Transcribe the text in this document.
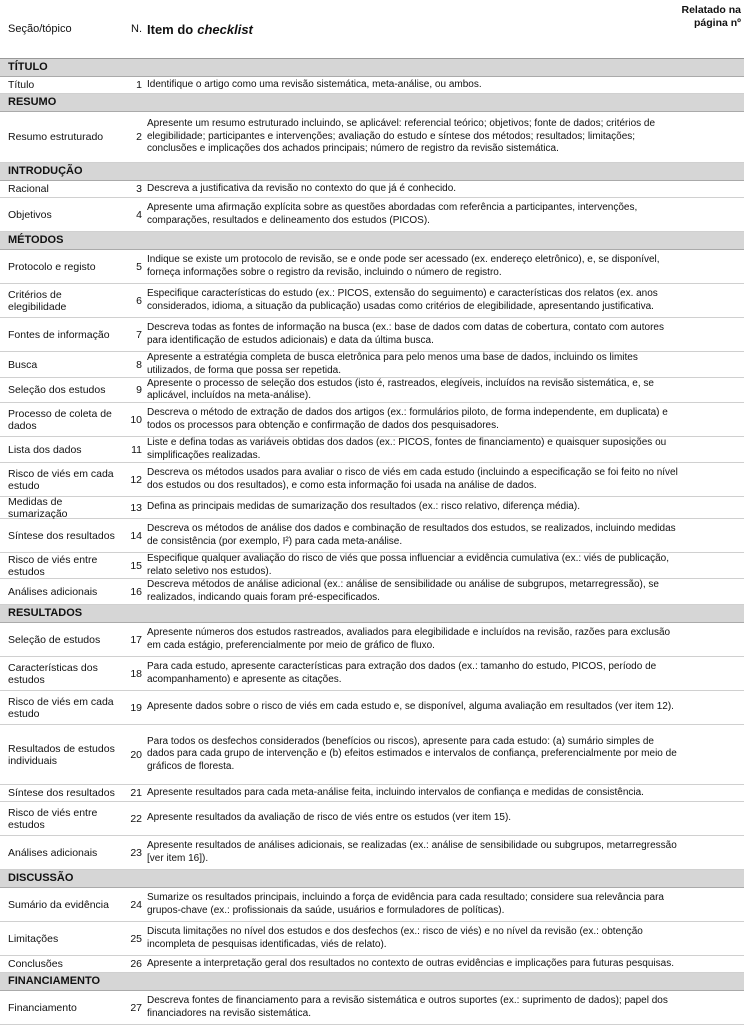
Seção/tópico	N. Item do checklist
Relatado na página nº
TÍTULO
Título	1 Identifique o artigo como uma revisão sistemática, meta-análise, ou ambos.
RESUMO
Resumo estruturado	2
Apresente um resumo estruturado incluindo, se aplicável: referencial teórico; objetivos; fonte de dados; critérios de elegibilidade; participantes e intervenções; avaliação do estudo e síntese dos métodos; resultados; limitações; conclusões e implicações dos achados principais; número de registro da revisão sistemática.
INTRODUÇÃO
Racional	3 Descreva a justificativa da revisão no contexto do que já é conhecido.
Objetivos	4
Apresente uma afirmação explícita sobre as questões abordadas com referência a participantes, intervenções, comparações, resultados e delineamento dos estudos (PICOS).
MÉTODOS
Protocolo e registo	5
Indique se existe um protocolo de revisão, se e onde pode ser acessado (ex. endereço eletrônico), e, se disponível, forneça informações sobre o registro da revisão, incluindo o número de registro.
Critérios de elegibilidade	6
Especifique características do estudo (ex.: PICOS, extensão do seguimento) e características dos relatos (ex. anos considerados, idioma, a situação da publicação) usadas como critérios de elegibilidade, apresentando justificativa.
Fontes de informação	7
Descreva todas as fontes de informação na busca (ex.: base de dados com datas de cobertura, contato com autores para identificação de estudos adicionais) e data da última busca.
Busca	8
Apresente a estratégia completa de busca eletrônica para pelo menos uma base de dados, incluindo os limites utilizados, de forma que possa ser repetida.
Seleção dos estudos	9
Apresente o processo de seleção dos estudos (isto é, rastreados, elegíveis, incluídos na revisão sistemática, e, se aplicável, incluídos na meta-análise).
Processo de coleta de dados	10
Descreva o método de extração de dados dos artigos (ex.: formulários piloto, de forma independente, em duplicata) e todos os processos para obtenção e confirmação de dados dos pesquisadores.
Lista dos dados	11
Liste e defina todas as variáveis obtidas dos dados (ex.: PICOS, fontes de financiamento) e quaisquer suposições ou simplificações realizadas.
Risco de viés em cada estudo	12
Descreva os métodos usados para avaliar o risco de viés em cada estudo (incluindo a especificação se foi feito no nível dos estudos ou dos resultados), e como esta informação foi usada na análise de dados.
Medidas de sumarização	13 Defina as principais medidas de sumarização dos resultados (ex.: risco relativo, diferença média).
Síntese dos resultados	14
Descreva os métodos de análise dos dados e combinação de resultados dos estudos, se realizados, incluindo medidas de consistência (por exemplo, I²) para cada meta-análise.
Risco de viés entre estudos	15
Especifique qualquer avaliação do risco de viés que possa influenciar a evidência cumulativa (ex.: viés de publicação, relato seletivo nos estudos).
Análises adicionais	16
Descreva métodos de análise adicional (ex.: análise de sensibilidade ou análise de subgrupos, metarregressão), se realizados, indicando quais foram pré-especificados.
RESULTADOS
Seleção de estudos	17
Apresente números dos estudos rastreados, avaliados para elegibilidade e incluídos na revisão, razões para exclusão em cada estágio, preferencialmente por meio de gráfico de fluxo.
Características dos estudos	18
Para cada estudo, apresente características para extração dos dados (ex.: tamanho do estudo, PICOS, período de acompanhamento) e apresente as citações.
Risco de viés em cada estudo	19 Apresente dados sobre o risco de viés em cada estudo e, se disponível, alguma avaliação em resultados (ver item 12).
Resultados de estudos individuais	20
Para todos os desfechos considerados (benefícios ou riscos), apresente para cada estudo: (a) sumário simples de dados para cada grupo de intervenção e (b) efeitos estimados e intervalos de confiança, preferencialmente por meio de gráficos de floresta.
Síntese dos resultados	21 Apresente resultados para cada meta-análise feita, incluindo intervalos de confiança e medidas de consistência.
Risco de viés entre estudos	22 Apresente resultados da avaliação de risco de viés entre os estudos (ver item 15).
Análises adicionais	23
Apresente resultados de análises adicionais, se realizadas (ex.: análise de sensibilidade ou subgrupos, metarregressão [ver item 16]).
DISCUSSÃO
Sumário da evidência	24
Sumarize os resultados principais, incluindo a força de evidência para cada resultado; considere sua relevância para grupos-chave (ex.: profissionais da saúde, usuários e formuladores de políticas).
Limitações	25
Discuta limitações no nível dos estudos e dos desfechos (ex.: risco de viés) e no nível da revisão (ex.: obtenção incompleta de pesquisas identificadas, viés de relato).
Conclusões	26 Apresente a interpretação geral dos resultados no contexto de outras evidências e implicações para futuras pesquisas.
FINANCIAMENTO
Financiamento	27
Descreva fontes de financiamento para a revisão sistemática e outros suportes (ex.: suprimento de dados); papel dos financiadores na revisão sistemática.
